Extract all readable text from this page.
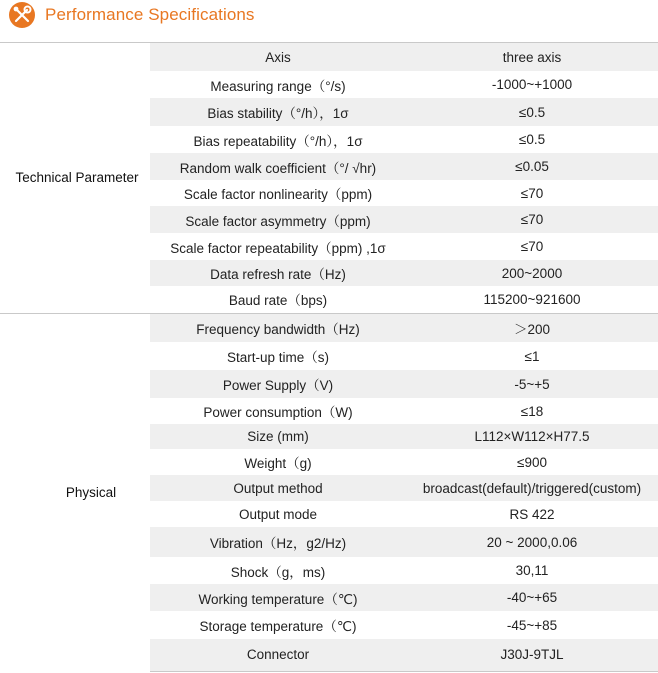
Performance Specifications
Technical Parameter	Axis	three axis
	Measuring range（°/s)	-1000~+1000
	Bias stability（°/h），1σ	≤0.5
	Bias repeatability（°/h），1σ	≤0.5
	Random walk coefficient（°/ √hr)	≤0.05
	Scale factor nonlinearity（ppm)	≤70
	Scale factor asymmetry（ppm)	≤70
	Scale factor repeatability（ppm) ,1σ	≤70
	Data refresh rate（Hz)	200~2000
	Baud rate（bps)	115200~921600

Physical	Frequency bandwidth（Hz)	＞200
	Start-up time（s)	≤1
	Power Supply（V)	-5~+5
	Power consumption（W)	≤18
	Size (mm)	L112×W112×H77.5
	Weight（g)	≤900
	Output method	broadcast(default)/triggered(custom)
	Output mode	RS 422
	Vibration（Hz，g2/Hz)	20 ~ 2000,0.06
	Shock（g，ms)	30,11
	Working temperature（℃)	-40~+65
	Storage temperature（℃)	-45~+85
	Connector	J30J-9TJL
